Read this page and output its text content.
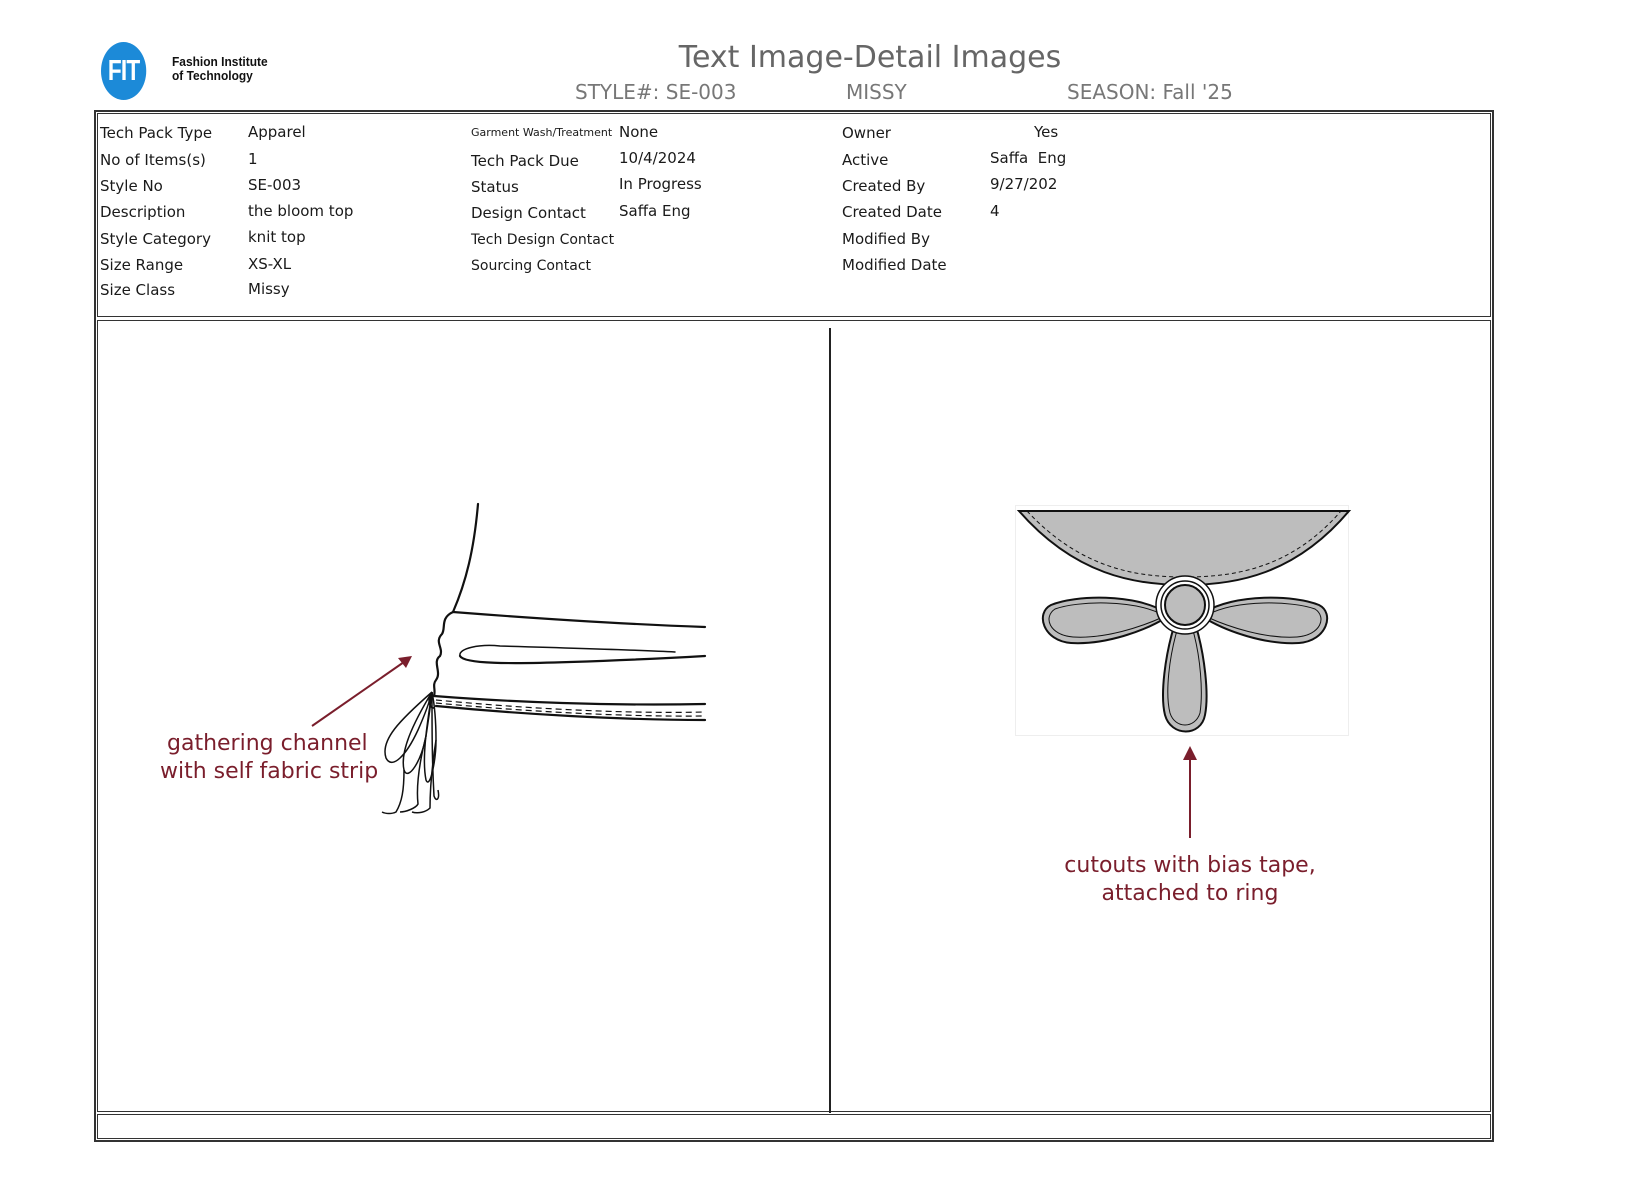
FIT	Fashion Institute
of Technology
Text Image-Detail Images
STYLE#: SE-003	MISSY	SEASON: Fall '25
Tech Pack Type Apparel
No of Items(s)	1
Style No	SE-003
Description	the bloom top
Style Category knit top
Size Range	XS-XL
Size Class	Missy
Garment Wash/Treatment None
Tech Pack Due	10/4/2024
Status	In Progress
Design Contact Saffa Eng
Tech Design Contact
Sourcing Contact
Owner	Yes
Active	Saffa  Eng
Created By	9/27/202
Created Date	4
Modified By
Modified Date
gathering channel
with self fabric strip
cutouts with bias tape,
attached to ring
